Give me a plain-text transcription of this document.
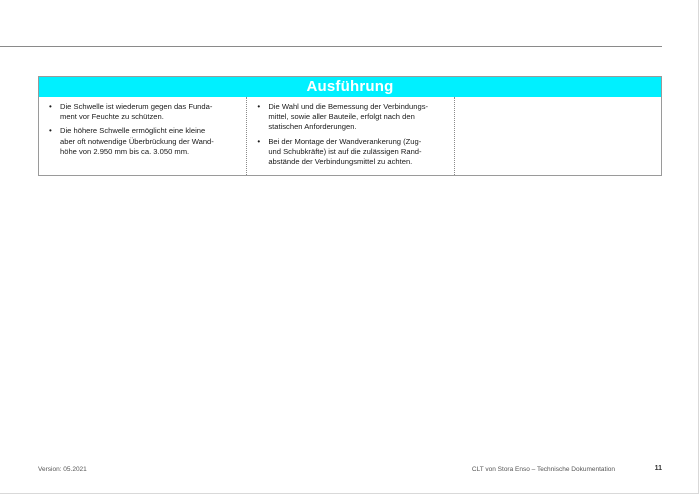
Ausführung
• Die Schwelle ist wiederum gegen das Funda-
ment vor Feuchte zu schützen.
• Die höhere Schwelle ermöglicht eine kleine
aber oft notwendige Überbrückung der Wand-
höhe von 2.950 mm bis ca. 3.050 mm.
• Die Wahl und die Bemessung der Verbindungs-
mittel, sowie aller Bauteile, erfolgt nach den
statischen Anforderungen.
• Bei der Montage der Wandverankerung (Zug-
und Schubkräfte) ist auf die zulässigen Rand-
abstände der Verbindungsmittel zu achten.
Version: 05.2021	CLT von Stora Enso – Technische Dokumentation	11
